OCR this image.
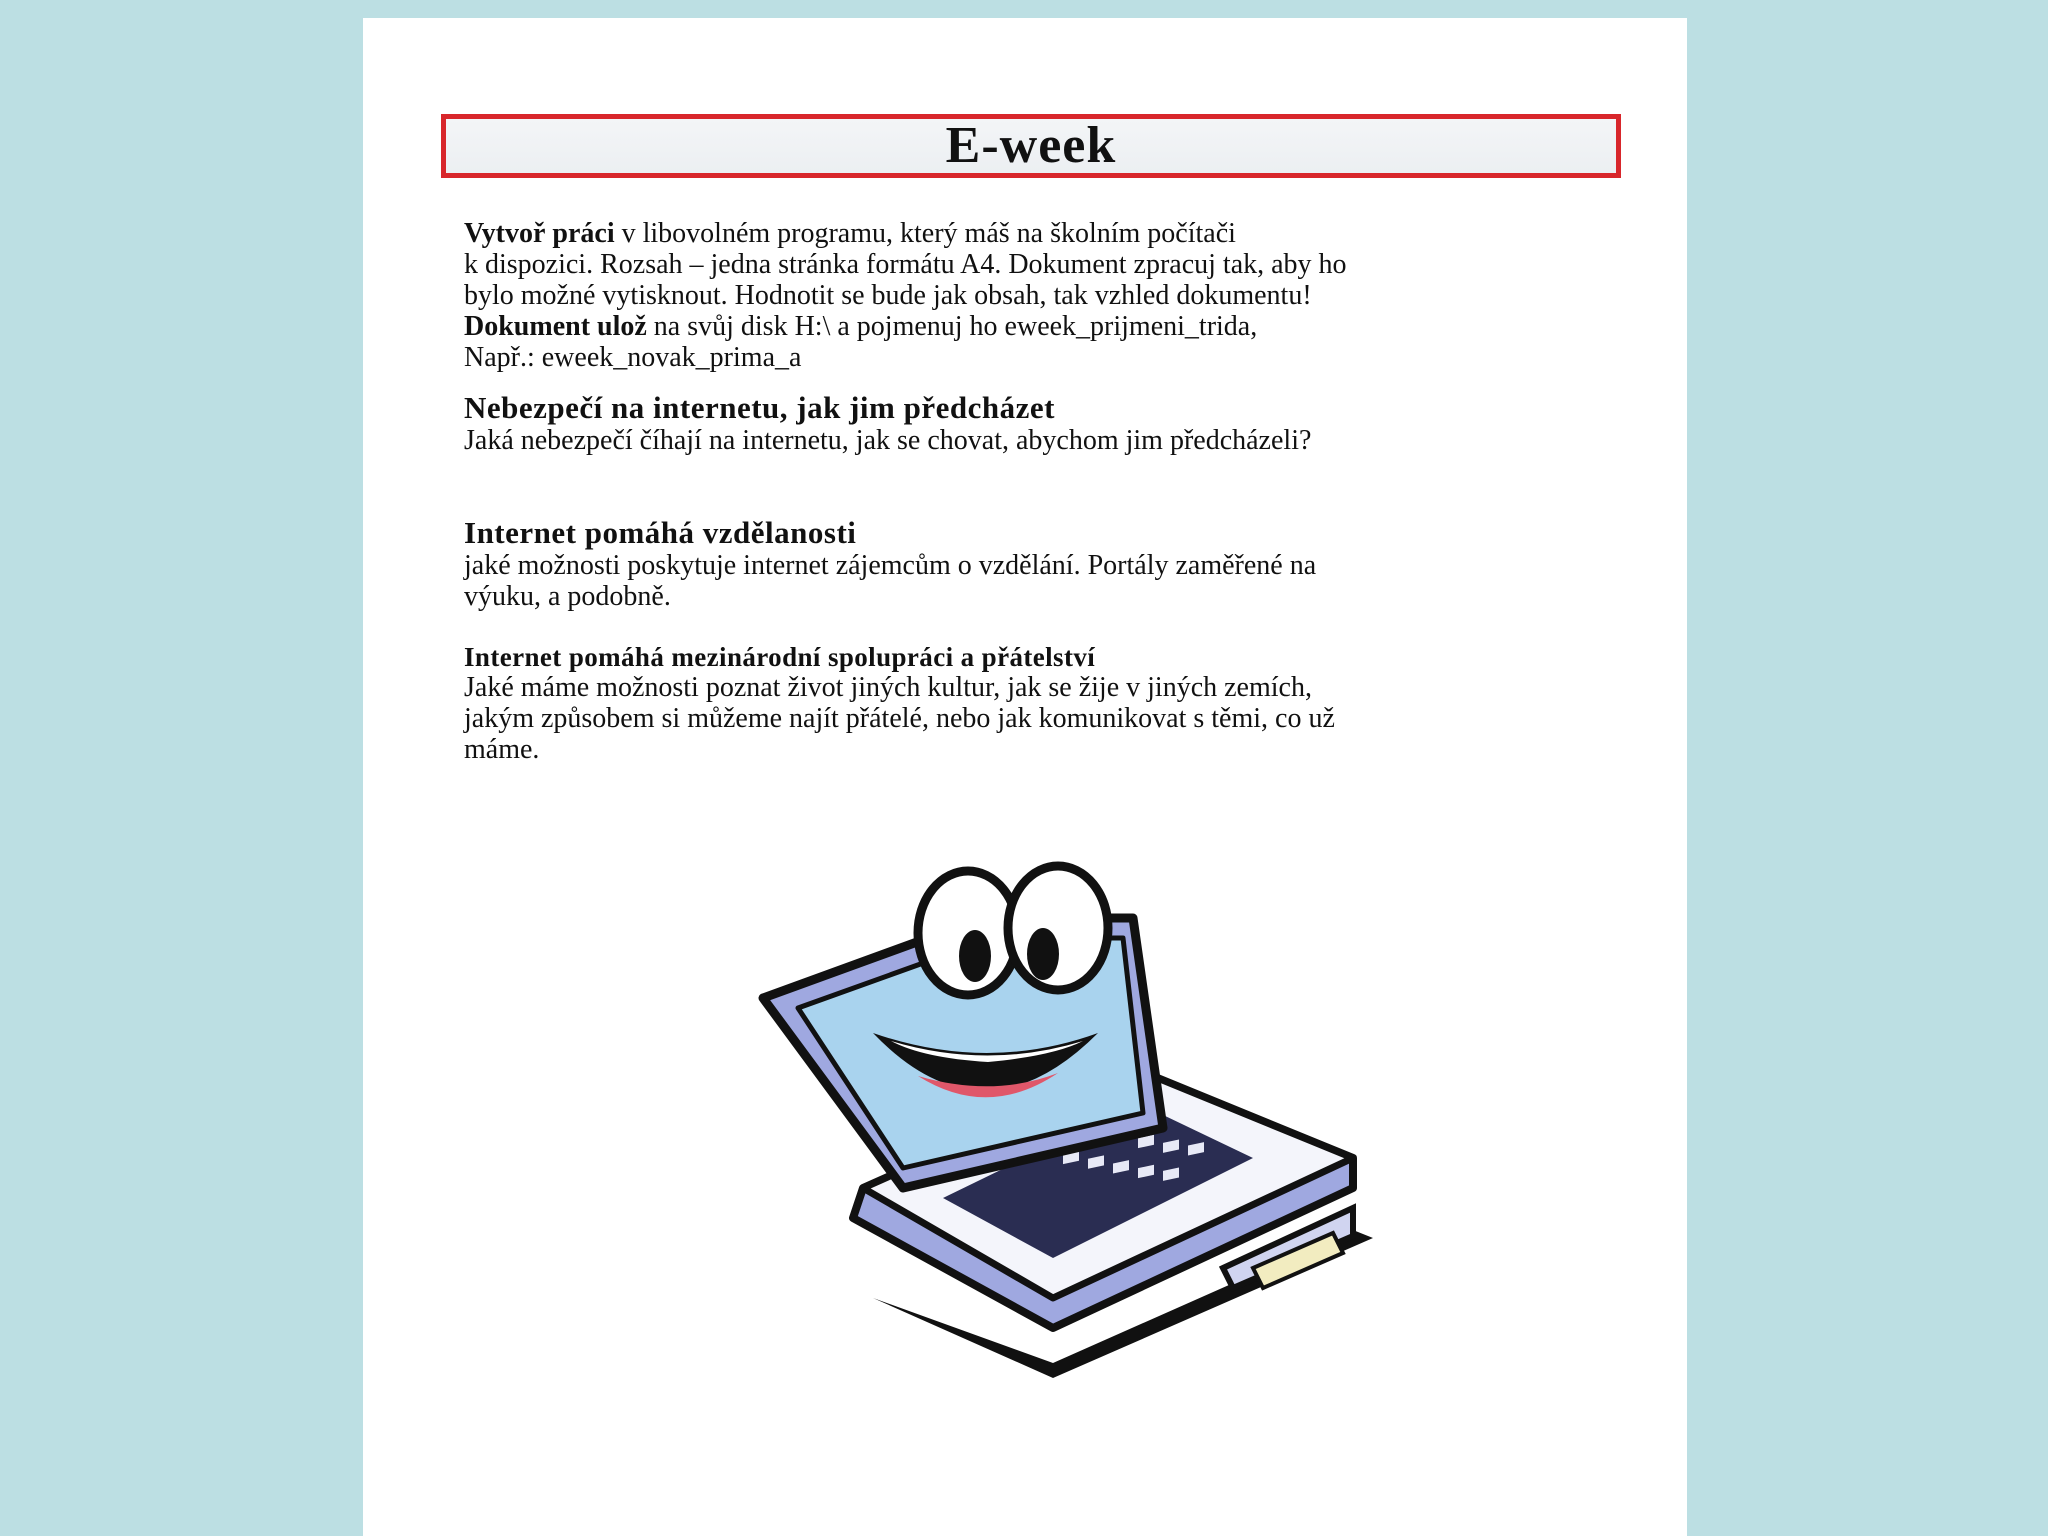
E-week

Vytvoř práci v libovolném programu, který máš na školním počítači

k dispozici. Rozsah – jedna stránka formátu A4. Dokument zpracuj tak, aby ho

bylo možné vytisknout. Hodnotit se bude jak obsah, tak vzhled dokumentu!

Dokument ulož na svůj disk H:\ a pojmenuj ho eweek_prijmeni_trida,

Např.: eweek_novak_prima_a

Nebezpečí na internetu, jak jim předcházet
Jaká nebezpečí číhají na internetu, jak se chovat, abychom jim předcházeli?
Internet pomáhá vzdělanosti
jaké možnosti poskytuje internet zájemcům o vzdělání. Portály zaměřené na
výuku, a podobně.
Internet pomáhá mezinárodní spolupráci a přátelství
Jaké máme možnosti poznat život jiných kultur, jak se žije v jiných zemích,
jakým způsobem si můžeme najít přátelé, nebo jak komunikovat s těmi, co už
máme.
